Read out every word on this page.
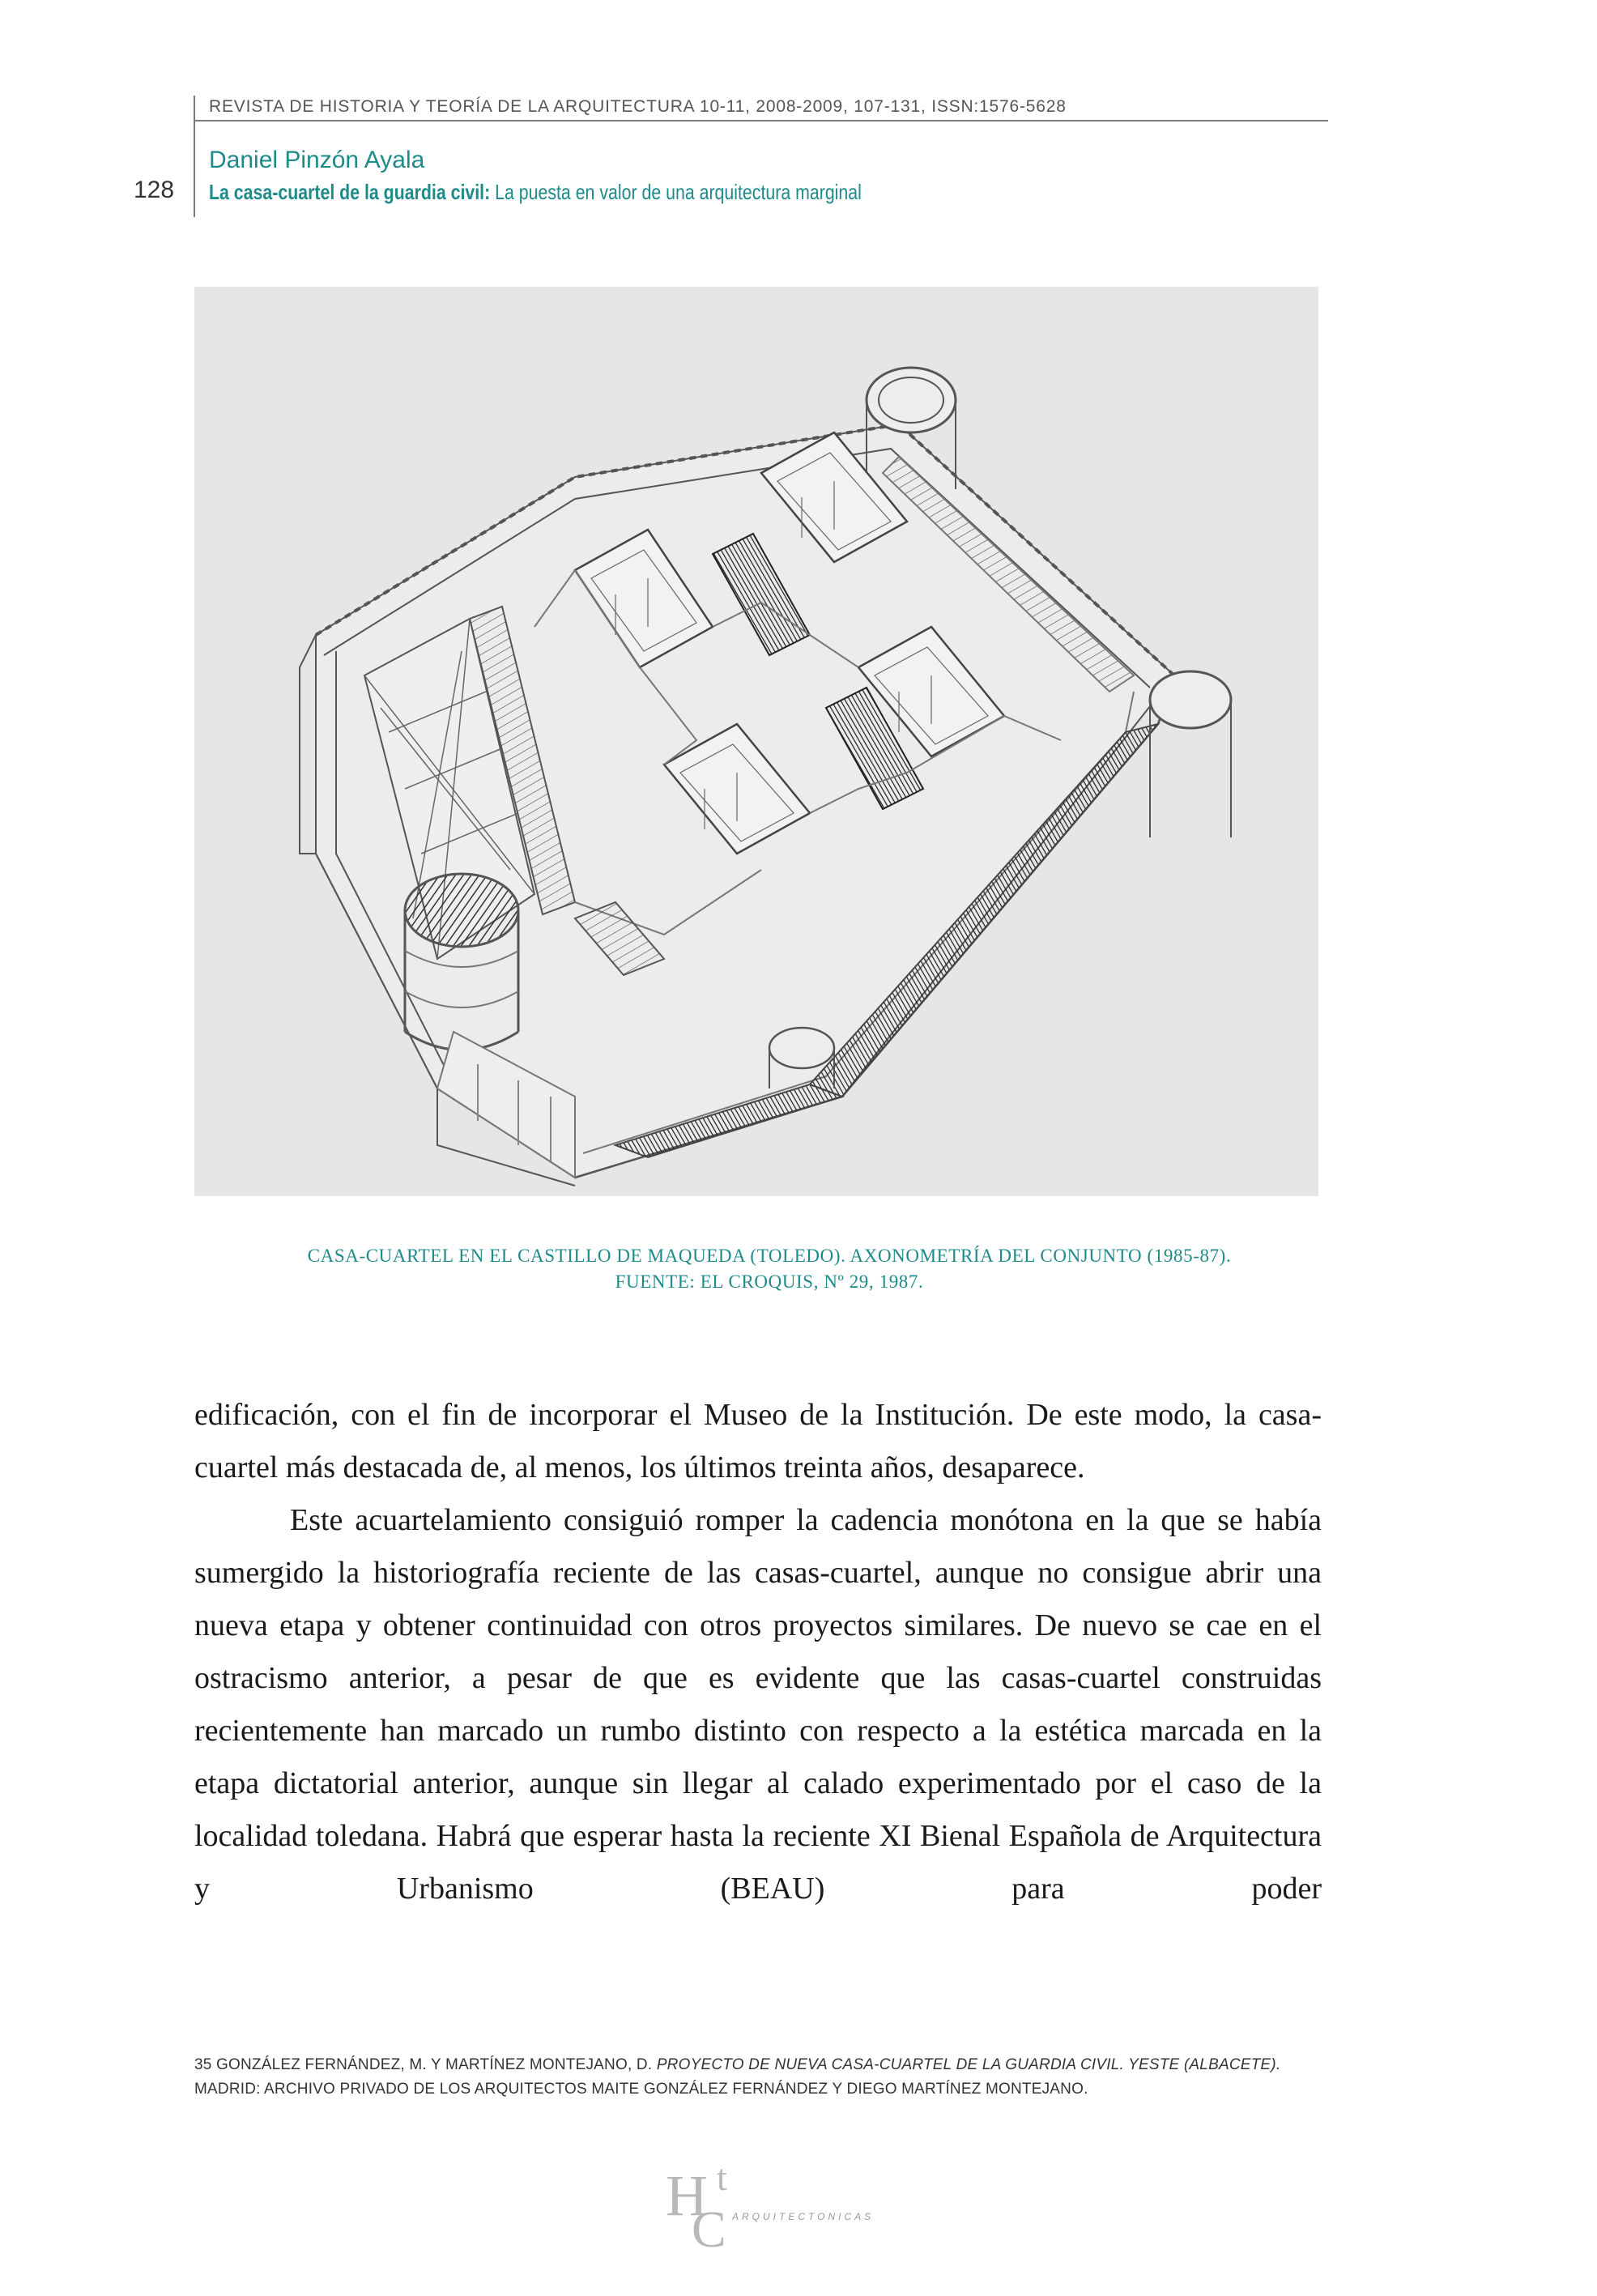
REVISTA DE HISTORIA Y TEORÍA DE LA ARQUITECTURA 10-11, 2008-2009, 107-131, ISSN:1576-5628
Daniel Pinzón Ayala
128 La casa-cuartel de la guardia civil: La puesta en valor de una arquitectura marginal
CASA-CUARTEL EN EL CASTILLO DE MAQUEDA (TOLEDO). AXONOMETRÍA DEL CONJUNTO (1985-87).
FUENTE: EL CROQUIS, Nº 29, 1987.

edificación, con el fin de incorporar el Museo de la Institución. De este modo, la casa-cuartel más destacada de, al menos, los últimos treinta años, desaparece.

Este acuartelamiento consiguió romper la cadencia monótona en la que se había sumergido la historiografía reciente de las casas-cuartel, aunque no consigue abrir una nueva etapa y obtener continuidad con otros proyectos similares. De nuevo se cae en el ostracismo anterior, a pesar de que es evidente que las casas-cuartel construidas recientemente han marcado un rumbo distinto con respecto a la estética marcada en la etapa dictatorial anterior, aunque sin llegar al calado experimentado por el caso de la localidad toledana. Habrá que esperar hasta la reciente XI Bienal Española de Arquitectura y Urbanismo (BEAU) para poder

35 GONZÁLEZ FERNÁNDEZ, M. Y MARTÍNEZ MONTEJANO, D. PROYECTO DE NUEVA CASA-CUARTEL DE LA GUARDIA CIVIL. YESTE (ALBACETE).
MADRID: ARCHIVO PRIVADO DE LOS ARQUITECTOS MAITE GONZÁLEZ FERNÁNDEZ Y DIEGO MARTÍNEZ MONTEJANO.
H t
C ARQUITECTONICAS
